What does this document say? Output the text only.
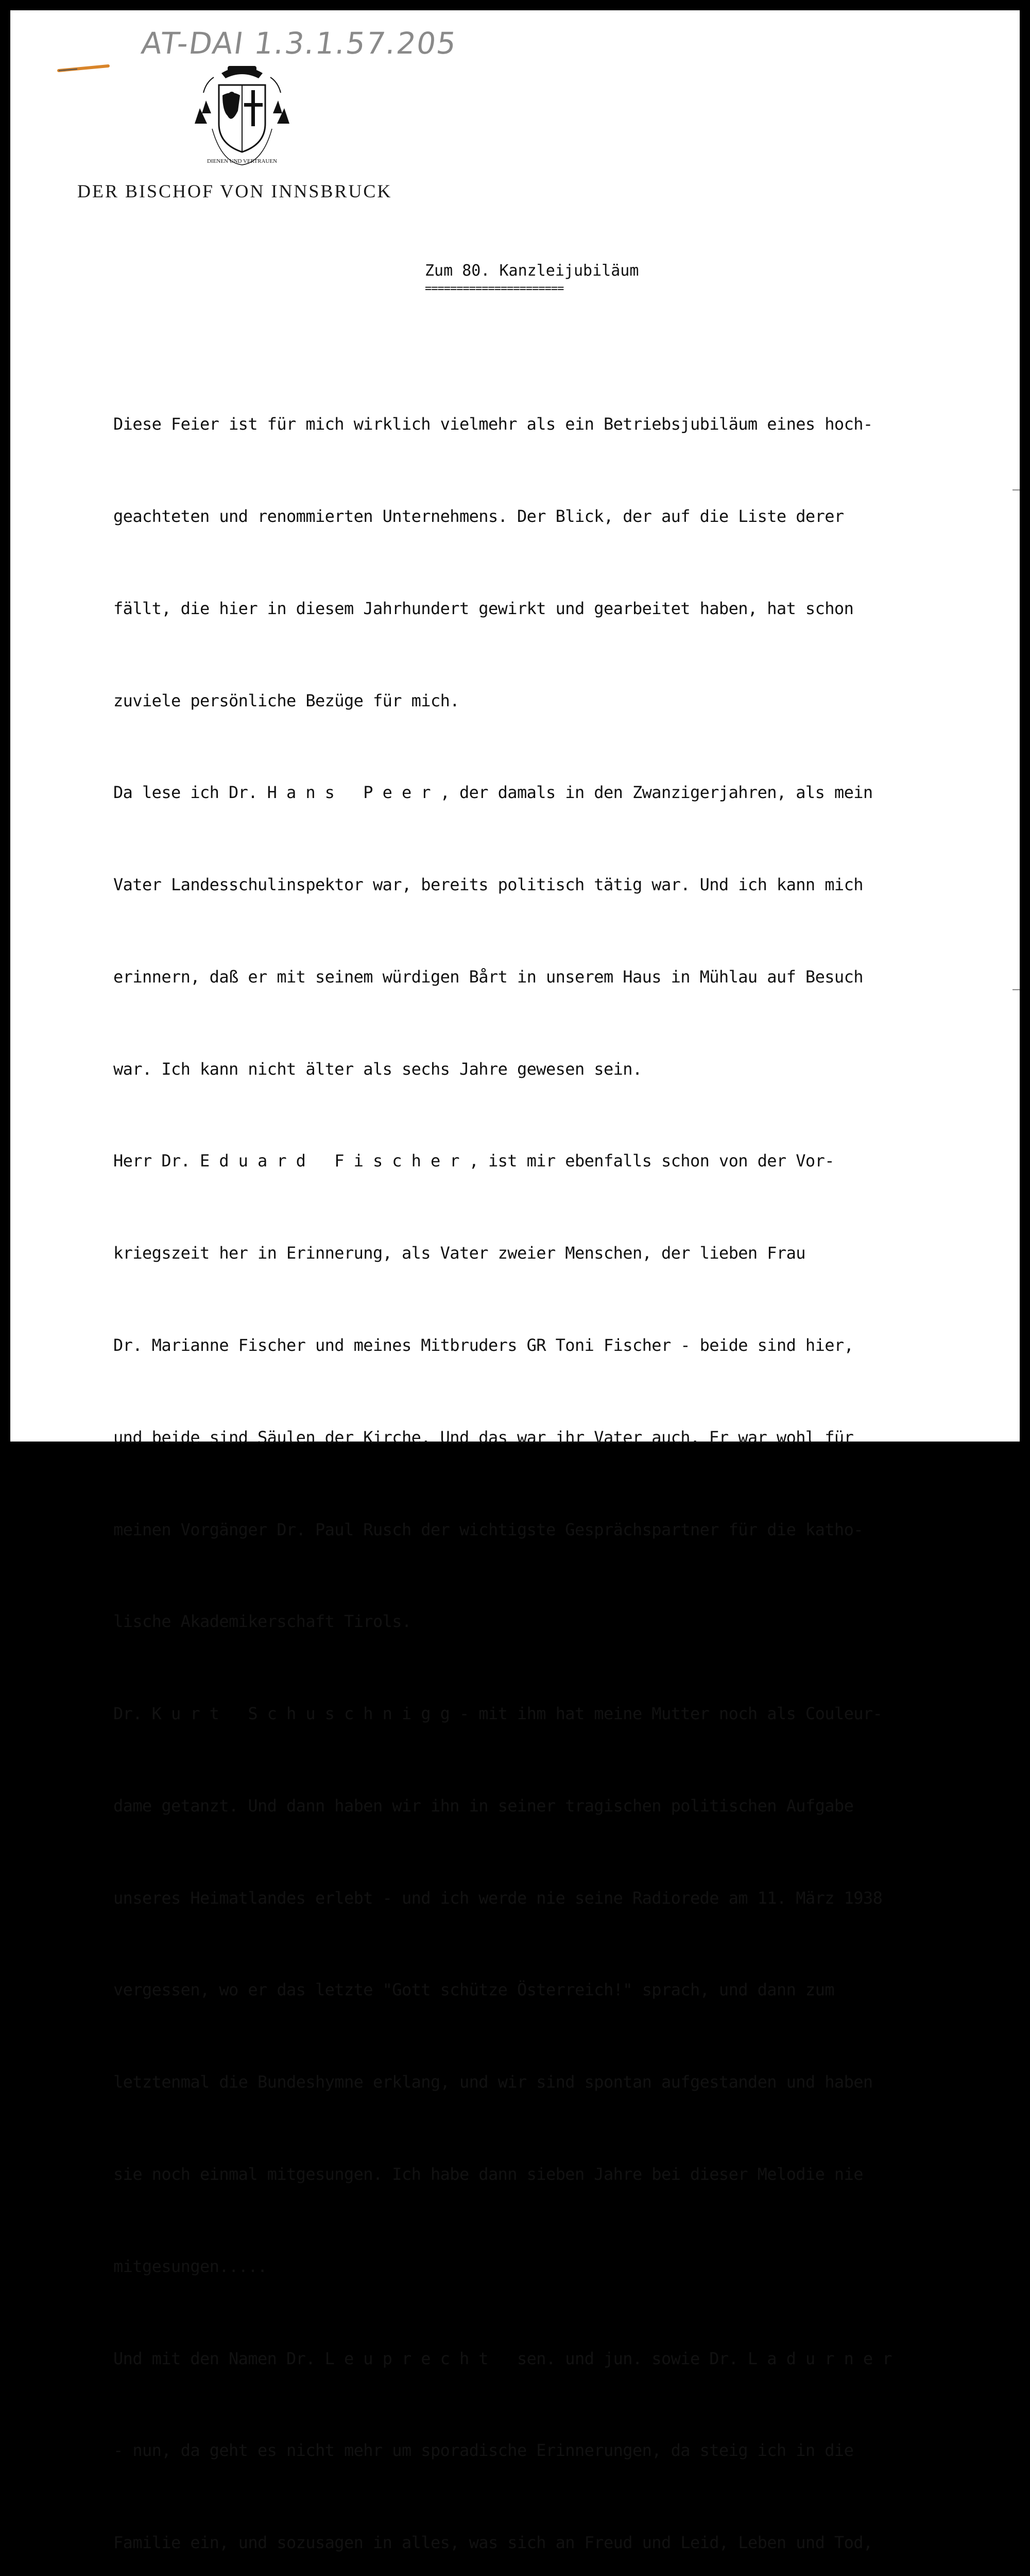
AT-DAI 1.3.1.57.205
DIENEN UND VERTRAUEN
DER BISCHOF VON INNSBRUCK
Zum 80. Kanzleijubiläum
======================

Diese Feier ist für mich wirklich vielmehr als ein Betriebsjubiläum eines hoch-

geachteten und renommierten Unternehmens. Der Blick, der auf die Liste derer

fällt, die hier in diesem Jahrhundert gewirkt und gearbeitet haben, hat schon

zuviele persönliche Bezüge für mich.

Da lese ich Dr. H a n s   P e e r , der damals in den Zwanzigerjahren, als mein

Vater Landesschulinspektor war, bereits politisch tätig war. Und ich kann mich

erinnern, daß er mit seinem würdigen Bårt in unserem Haus in Mühlau auf Besuch

war. Ich kann nicht älter als sechs Jahre gewesen sein.

Herr Dr. E d u a r d   F i s c h e r , ist mir ebenfalls schon von der Vor-

kriegszeit her in Erinnerung, als Vater zweier Menschen, der lieben Frau

Dr. Marianne Fischer und meines Mitbruders GR Toni Fischer - beide sind hier,

und beide sind Säulen der Kirche. Und das war ihr Vater auch. Er war wohl für

meinen Vorgänger Dr. Paul Rusch der wichtigste Gesprächspartner für die katho-

lische Akademikerschaft Tirols.

Dr. K u r t   S c h u s c h n i g g - mit ihm hat meine Mutter noch als Couleur-

dame getanzt. Und dann haben wir ihn in seiner tragischen politischen Aufgabe

unseres Heimatlandes erlebt - und ich werde nie seine Radiorede am 11. März 1938

vergessen, wo er das letzte "Gott schütze Österreich!" sprach, und dann zum

letztenmal die Bundeshymne erklang, und wir sind spontan aufgestanden und haben

sie noch einmal mitgesungen. Ich habe dann sieben Jahre bei dieser Melodie nie

mitgesungen.....

Und mit den Namen Dr. L e u p r e c h t   sen. und jun. sowie Dr. L a d u r n e r

- nun, da geht es nicht mehr um sporadische Erinnerungen, da steig ich in die

Familie ein, und sozusagen in alles, was sich an Freud und Leid, Leben und Tod,
